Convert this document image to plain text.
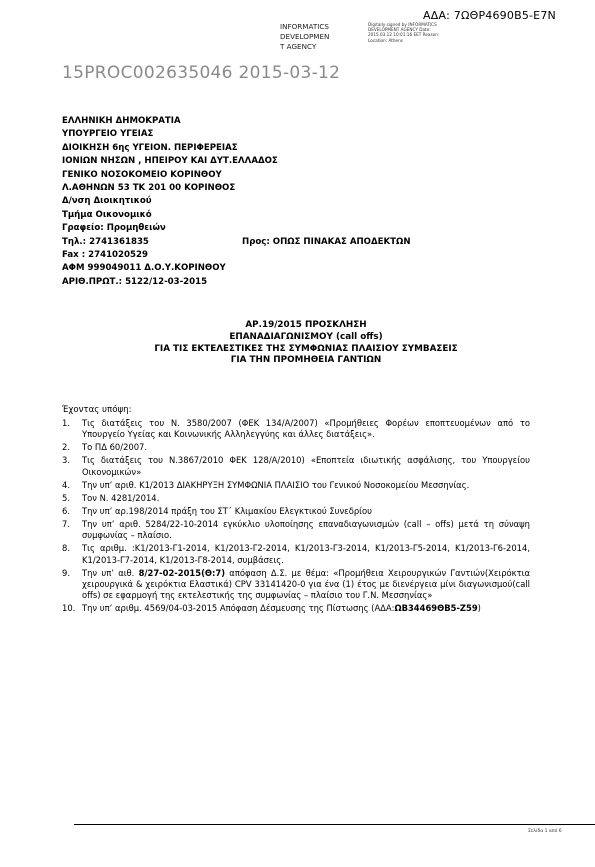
ΑΔΑ: 7ΩΘΡ4690Β5-Ε7Ν
INFORMATICS
DEVELOPMEN
T AGENCY
Digitally signed by INFORMATICS DEVELOPMENT AGENCY Date: 2015.03.12 10:01:16 EET Reason: Location: Athens
15PROC002635046 2015-03-12
ΕΛΛΗΝΙΚΗ ΔΗΜΟΚΡΑΤΙΑ
ΥΠΟΥΡΓΕΙΟ ΥΓΕΙΑΣ
ΔΙΟΙΚΗΣΗ 6ης ΥΓΕΙΟΝ. ΠΕΡΙΦΕΡΕΙΑΣ
ΙΟΝΙΩΝ ΝΗΣΩΝ , ΗΠΕΙΡΟΥ ΚΑΙ ΔΥΤ.ΕΛΛΑΔΟΣ
ΓΕΝΙΚΟ ΝΟΣΟΚΟΜΕΙΟ ΚΟΡΙΝΘΟΥ
Λ.ΑΘΗΝΩΝ 53 ΤΚ 201 00 ΚΟΡΙΝΘΟΣ
Δ/νση Διοικητικού
Τμήμα Οικονομικό
Γραφείο: Προμηθειών
Τηλ.: 2741361835	Προς: ΟΠΩΣ ΠΙΝΑΚΑΣ ΑΠΟΔΕΚΤΩΝ
Fax : 2741020529
ΑΦΜ 999049011 Δ.Ο.Υ.ΚΟΡΙΝΘΟΥ
ΑΡΙΘ.ΠΡΩΤ.: 5122/12-03-2015
ΑΡ.19/2015 ΠΡΟΣΚΛΗΣΗ
ΕΠΑΝΑΔΙΑΓΩΝΙΣΜΟΥ (call offs)
ΓΙΑ ΤΙΣ ΕΚΤΕΛΕΣΤΙΚΕΣ ΤΗΣ ΣΥΜΦΩΝΙΑΣ ΠΛΑΙΣΙΟΥ ΣΥΜΒΑΣΕΙΣ
ΓΙΑ ΤΗΝ ΠΡΟΜΗΘΕΙΑ ΓΑΝΤΙΩΝ
Έχοντας υπόψη:
1.	Τις διατάξεις του Ν. 3580/2007 (ΦΕΚ 134/Α/2007) «Προμήθειες Φορέων εποπτευομένων από το Υπουργείο Υγείας και Κοινωνικής Αλληλεγγύης και άλλες διατάξεις».
2.	Το ΠΔ 60/2007.
3.	Τις διατάξεις του Ν.3867/2010 ΦΕΚ 128/Α/2010) «Εποπτεία ιδιωτικής ασφάλισης, του Υπουργείου Οικονομικών»
4.	Την υπ’ αριθ. Κ1/2013 ΔΙΑΚΗΡΥΞΗ ΣΥΜΦΩΝΙΑ ΠΛΑΙΣΙΟ του Γενικού Νοσοκομείου Μεσσηνίας.
5.	Τον Ν. 4281/2014.
6.	Την υπ’ αρ.198/2014 πράξη του ΣΤ΄ Κλιμακίου Ελεγκτικού Συνεδρίου
7.	Την υπ’ αριθ. 5284/22-10-2014 εγκύκλιο υλοποίησης επαναδιαγωνισμών (call – offs) μετά τη σύναψη συμφωνίας – πλαίσιο.
8.	Τις αριθμ. :Κ1/2013-Γ1-2014, Κ1/2013-Γ2-2014, Κ1/2013-Γ3-2014, Κ1/2013-Γ5-2014, Κ1/2013-Γ6-2014, Κ1/2013-Γ7-2014, Κ1/2013-Γ8-2014, συμβάσεις.
9.	Την υπ’ αιθ. 8/27-02-2015(Θ:7) απόφαση Δ.Σ. με θέμα: «Προμήθεια Χειρουργικών Γαντιών(Χειρόκτια χειρουργικά & χειρόκτια Ελαστικά) CPV 33141420-0 για ένα (1) έτος με διενέργεια μίνι διαγωνισμού(call offs) σε εφαρμογή της εκτελεστικής της συμφωνίας – πλαίσιο του Γ.Ν. Μεσσηνίας»
10. Την υπ’ αριθμ. 4569/04-03-2015 Απόφαση Δέσμευσης της Πίστωσης (ΑΔΑ:ΩΒ34469ΘΒ5-Ζ59)
Σελίδα 1 από 6
